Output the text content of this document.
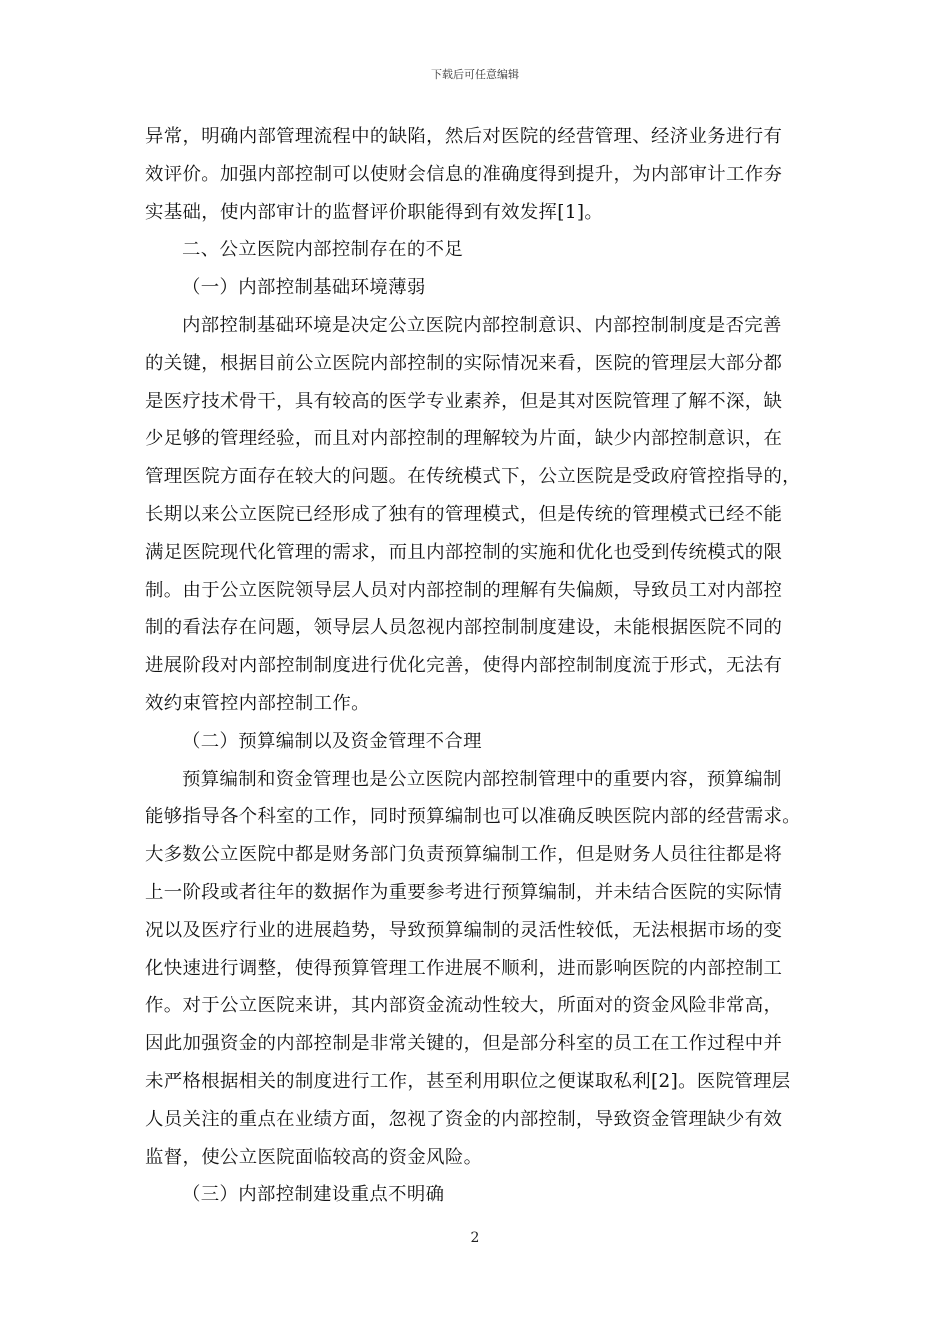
下载后可任意编辑
异常，明确内部管理流程中的缺陷，然后对医院的经营管理、经济业务进行有
效评价。加强内部控制可以使财会信息的准确度得到提升，为内部审计工作夯
实基础，使内部审计的监督评价职能得到有效发挥[1]。
二、公立医院内部控制存在的不足
（一）内部控制基础环境薄弱
内部控制基础环境是决定公立医院内部控制意识、内部控制制度是否完善
的关键，根据目前公立医院内部控制的实际情况来看，医院的管理层大部分都
是医疗技术骨干，具有较高的医学专业素养，但是其对医院管理了解不深，缺
少足够的管理经验，而且对内部控制的理解较为片面，缺少内部控制意识，在
管理医院方面存在较大的问题。在传统模式下，公立医院是受政府管控指导的，
长期以来公立医院已经形成了独有的管理模式，但是传统的管理模式已经不能
满足医院现代化管理的需求，而且内部控制的实施和优化也受到传统模式的限
制。由于公立医院领导层人员对内部控制的理解有失偏颇，导致员工对内部控
制的看法存在问题，领导层人员忽视内部控制制度建设，未能根据医院不同的
进展阶段对内部控制制度进行优化完善，使得内部控制制度流于形式，无法有
效约束管控内部控制工作。
（二）预算编制以及资金管理不合理
预算编制和资金管理也是公立医院内部控制管理中的重要内容，预算编制
能够指导各个科室的工作，同时预算编制也可以准确反映医院内部的经营需求。
大多数公立医院中都是财务部门负责预算编制工作，但是财务人员往往都是将
上一阶段或者往年的数据作为重要参考进行预算编制，并未结合医院的实际情
况以及医疗行业的进展趋势，导致预算编制的灵活性较低，无法根据市场的变
化快速进行调整，使得预算管理工作进展不顺利，进而影响医院的内部控制工
作。对于公立医院来讲，其内部资金流动性较大，所面对的资金风险非常高，
因此加强资金的内部控制是非常关键的，但是部分科室的员工在工作过程中并
未严格根据相关的制度进行工作，甚至利用职位之便谋取私利[2]。医院管理层
人员关注的重点在业绩方面，忽视了资金的内部控制，导致资金管理缺少有效
监督，使公立医院面临较高的资金风险。
（三）内部控制建设重点不明确
2
